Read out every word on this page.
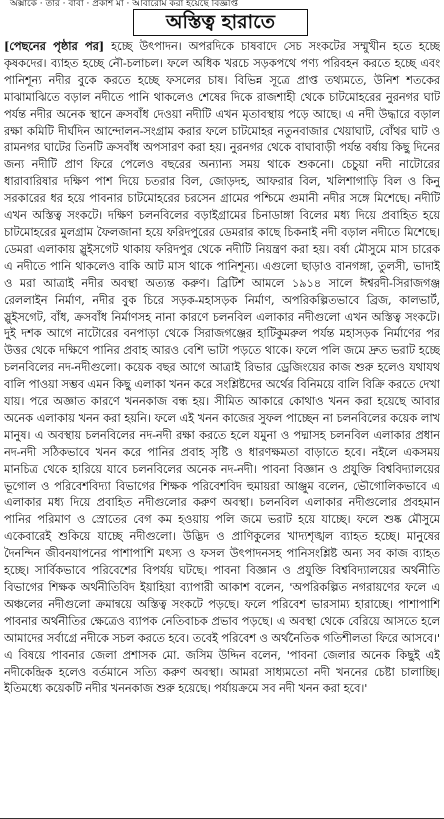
অক্সাকে · তার · বাবা · প্রকাশ মা · আবারোম করা হয়েছে বিজ্ঞপ্তি
অস্তিত্ব হারাতে

[পেছনের পৃষ্ঠার পর] হচ্ছে উৎপাদন। অপরদিকে চাষবাদে সেচ সংকটের সম্মুখীন হতে হচ্ছে কৃষকদের। ব্যাহত হচ্ছে নৌ-চলাচল। ফলে অধিক খরচে সড়কপথে পণ্য পরিবহন করতে হচ্ছে এবং পানিশূন্য নদীর বুকে করতে হচ্ছে ফসলের চাষ। বিভিন্ন সূত্রে প্রাপ্ত তথ্যমতে, উনিশ শতকের মাঝামাঝিতে বড়াল নদীতে পানি থাকলেও শেষের দিকে রাজশাহী থেকে চাটমোহরের নুরনগর ঘাট পর্যন্ত নদীর অনেক স্থানে ক্রসবাঁধ দেওয়া নদীটি এখন মৃতাবস্থায় পড়ে আছে। এ নদী উদ্ধারে বড়াল রক্ষা কমিটি দীর্ঘদিন আন্দোলন-সংগ্রাম করার ফলে চাটমোহর নতুনবাজার খেয়াঘাট, বোঁথর ঘাট ও রামনগর ঘাটের তিনটি ক্রসবাঁধ অপসারণ করা হয়। নুরনগর থেকে বাঘাবাড়ী পর্যন্ত বর্ষায় কিছু দিনের জন্য নদীটি প্রাণ ফিরে পেলেও বছরের অন্যান্য সময় থাকে শুকনো। চেচুয়া নদী নাটোরের ধারাবারিষার দক্ষিণ পাশ দিয়ে চতরার বিল, জোড়দহ, আফরার বিল, খলিশাগাড়ি বিল ও কিনু সরকারের ধর হয়ে পাবনার চাটমোহরের চরসেন গ্রামের পশ্চিমে গুমানী নদীর সঙ্গে মিশেছে। নদীটি এখন অস্তিত্ব সংকটে। দক্ষিণ চলনবিলের বড়াইগ্রামের চিনাডাঙ্গা বিলের মধ্য দিয়ে প্রবাহিত হয়ে চাটমোহরের মুলগ্রাম ফৈলজানা হয়ে ফরিদপুরের ডেমরার কাছে চিকনাই নদী বড়াল নদীতে মিশেছে। ডেমরা এলাকায় স্লুইসগেট থাকায় ফরিদপুর থেকে নদীটি নিয়ন্ত্রণ করা হয়। বর্ষা মৌসুমে মাস চারেক এ নদীতে পানি থাকলেও বাকি আট মাস থাকে পানিশূন্য। এগুলো ছাড়াও বানগঙ্গা, তুলসী, ভাদাই ও মরা আত্রাই নদীর অবস্থা অত্যন্ত করুণ। ব্রিটিশ আমলে ১৯১৪ সালে ঈশ্বরদী-সিরাজগঞ্জ রেললাইন নির্মাণ, নদীর বুক চিরে সড়ক-মহাসড়ক নির্মাণ, অপরিকল্পিতভাবে ব্রিজ, কালভার্ট, স্লুইসগেট, বাঁধ, ক্রসবাঁধ নির্মাণসহ নানা কারণে চলনবিল এলাকার নদীগুলো এখন অস্তিত্ব সংকটে। দুই দশক আগে নাটোরের বনপাড়া থেকে সিরাজগঞ্জের হাটিকুমরুল পর্যন্ত মহাসড়ক নির্মাণের পর উত্তর থেকে দক্ষিণে পানির প্রবাহ আরও বেশি ভাটা পড়তে থাকে। ফলে পলি জমে দ্রুত ভরাট হচ্ছে চলনবিলের নদ-নদীগুলো। কয়েক বছর আগে আত্রাই রিভার ড্রেজিংয়ের কাজ শুরু হলেও যথাযথ বালি পাওয়া সম্ভব এমন কিছু এলাকা খনন করে সংশ্লিষ্টদের অর্থের বিনিময়ে বালি বিক্রি করতে দেখা যায়। পরে অজ্ঞাত কারণে খননকাজ বন্ধ হয়। সীমিত আকারে কোথাও খনন করা হয়েছে আবার অনেক এলাকায় খনন করা হয়নি। ফলে এই খনন কাজের সুফল পাচ্ছেন না চলনবিলের কয়েক লাখ মানুষ। এ অবস্থায় চলনবিলের নদ-নদী রক্ষা করতে হলে যমুনা ও পদ্মাসহ চলনবিল এলাকার প্রধান নদ-নদী সঠিকভাবে খনন করে পানির প্রবাহ সৃষ্টি ও ধারণক্ষমতা বাড়াতে হবে। নইলে একসময় মানচিত্র থেকে হারিয়ে যাবে চলনবিলের অনেক নদ-নদী। পাবনা বিজ্ঞান ও প্রযুক্তি বিশ্ববিদ্যালয়ের ভূগোল ও পরিবেশবিদ্যা বিভাগের শিক্ষক পরিবেশবিদ হুমায়রা আঞ্জুম বলেন, ভৌগোলিকভাবে এ এলাকার মধ্য দিয়ে প্রবাহিত নদীগুলোর করুণ অবস্থা। চলনবিল এলাকার নদীগুলোর প্রবহমান পানির পরিমাণ ও স্রোতের বেগ কম হওয়ায় পলি জমে ভরাট হয়ে যাচ্ছে। ফলে শুষ্ক মৌসুমে একেবারেই শুকিয়ে যাচ্ছে নদীগুলো। উদ্ভিদ ও প্রাণিকুলের খাদ্যশৃঙ্খল ব্যাহত হচ্ছে। মানুষের দৈনন্দিন জীবনযাপনের পাশাপাশি মৎস্য ও ফসল উৎপাদনসহ পানিসংশ্লিষ্ট অন্য সব কাজ ব্যাহত হচ্ছে। সার্বিকভাবে পরিবেশের বিপর্যয় ঘটছে। পাবনা বিজ্ঞান ও প্রযুক্তি বিশ্ববিদ্যালয়ের অর্থনীতি বিভাগের শিক্ষক অর্থনীতিবিদ ইয়াহিয়া ব্যাপারী আকাশ বলেন, 'অপরিকল্পিত নগরায়ণের ফলে এ অঞ্চলের নদীগুলো ক্রমান্বয়ে অস্তিত্ব সংকটে পড়ছে। ফলে পরিবেশ ভারসাম্য হারাচ্ছে। পাশাপাশি পাবনার অর্থনীতির ক্ষেত্রেও ব্যাপক নেতিবাচক প্রভাব পড়ছে। এ অবস্থা থেকে বেরিয়ে আসতে হলে আমাদের সর্বাগ্রে নদীকে সচল করতে হবে। তবেই পরিবেশ ও অর্থনৈতিক গতিশীলতা ফিরে আসবে।' এ বিষয়ে পাবনার জেলা প্রশাসক মো. জসিম উদ্দিন বলেন, 'পাবনা জেলার অনেক কিছুই এই নদীকেন্দ্রিক হলেও বর্তমানে সত্যি করুণ অবস্থা। আমরা সাধ্যমতো নদী খননের চেষ্টা চালাচ্ছি। ইতিমধ্যে কয়েকটি নদীর খননকাজ শুরু হয়েছে। পর্যায়ক্রমে সব নদী খনন করা হবে।'
